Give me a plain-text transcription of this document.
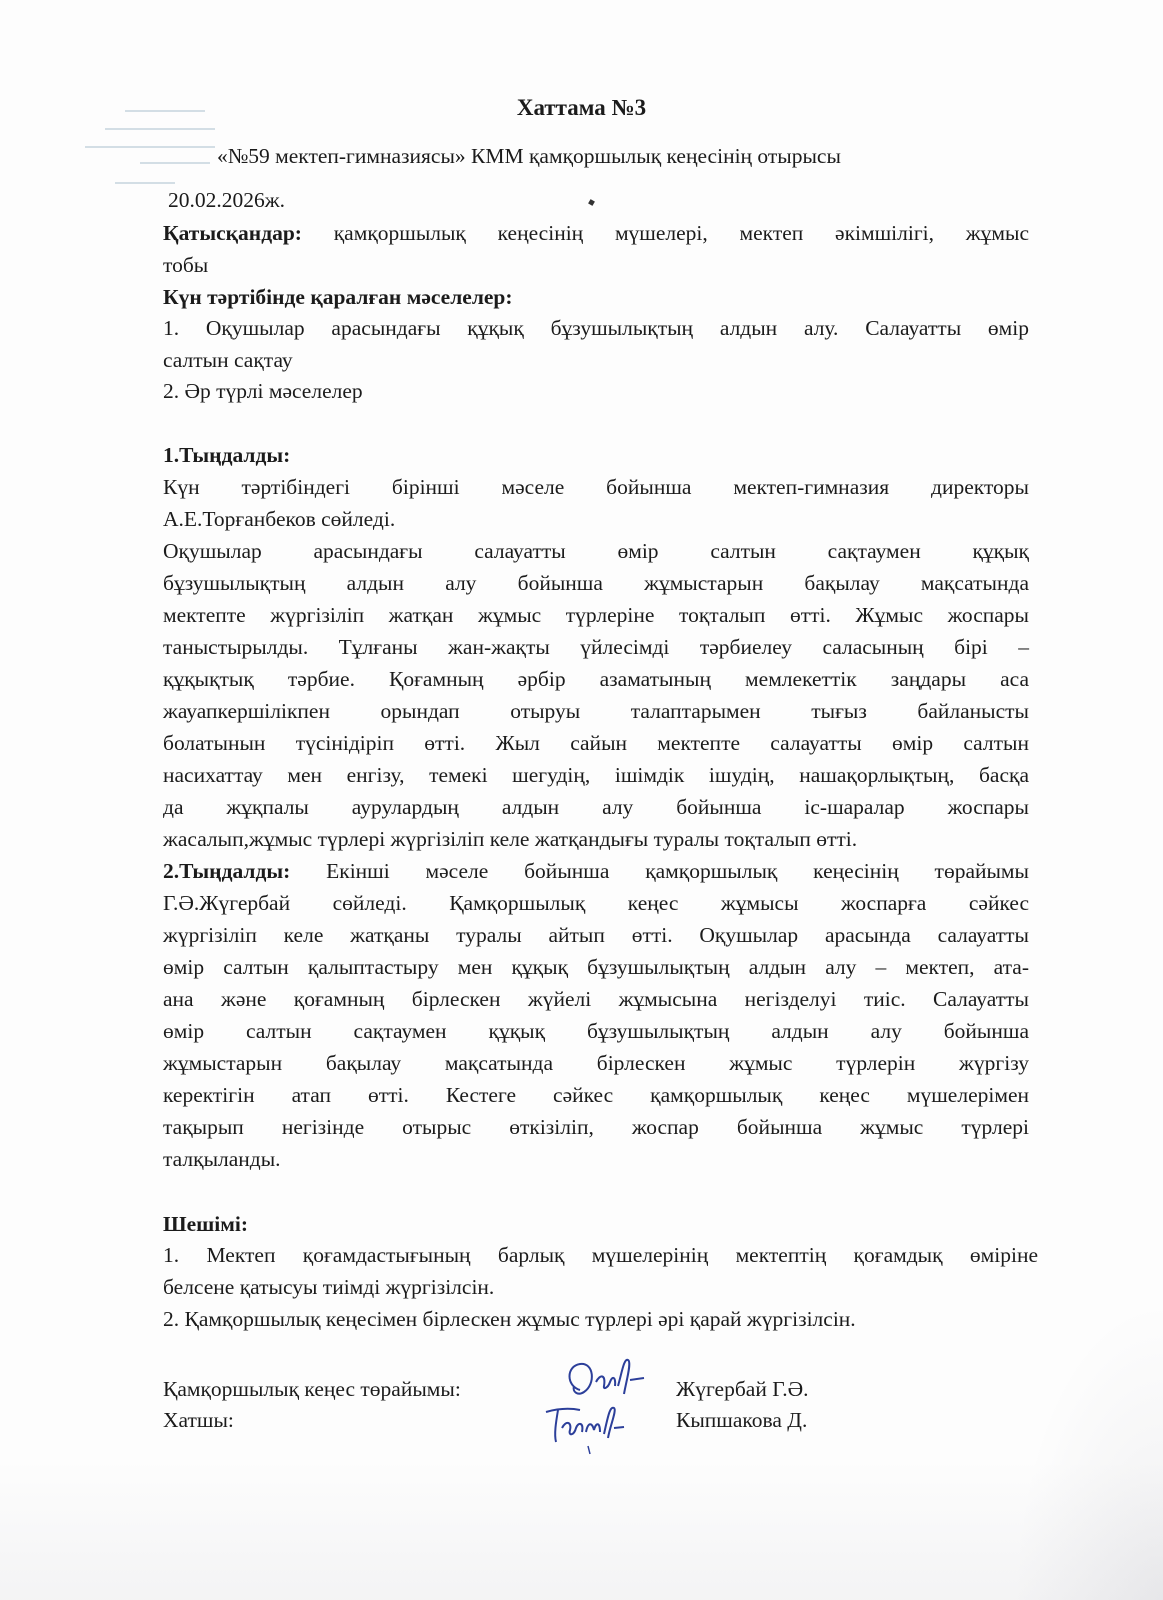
Хаттама №3
«№59 мектеп-гимназиясы» КММ қамқоршылық кеңесінің отырысы
20.02.2026ж.
Қатысқандар: қамқоршылық кеңесінің мүшелері, мектеп әкімшілігі, жұмыс
тобы
Күн тәртібінде қаралған мәселелер:
1. Оқушылар арасындағы құқық бұзушылықтың алдын алу. Салауатты өмір
салтын сақтау
2. Әр түрлі мәселелер
1.Тыңдалды:
Күн тәртібіндегі бірінші мәселе бойынша мектеп-гимназия директоры
А.Е.Торғанбеков сөйледі.
Оқушылар арасындағы салауатты өмір салтын сақтаумен құқық
бұзушылықтың алдын алу бойынша жұмыстарын бақылау мақсатында
мектепте жүргізіліп жатқан жұмыс түрлеріне тоқталып өтті. Жұмыс жоспары
таныстырылды. Тұлғаны жан-жақты үйлесімді тәрбиелеу саласының бірі –
құқықтық тәрбие. Қоғамның әрбір азаматының мемлекеттік заңдары аса
жауапкершілікпен орындап отыруы талаптарымен тығыз байланысты
болатынын түсінідіріп өтті. Жыл сайын мектепте салауатты өмір салтын
насихаттау мен енгізу, темекі шегудің, ішімдік ішудің, нашақорлықтың, басқа
да жұқпалы аурулардың алдын алу бойынша іс-шаралар жоспары
жасалып,жұмыс түрлері жүргізіліп келе жатқандығы туралы тоқталып өтті.
2.Тыңдалды: Екінші мәселе бойынша қамқоршылық кеңесінің төрайымы
Г.Ә.Жүгербай сөйледі. Қамқоршылық кеңес жұмысы жоспарға сәйкес
жүргізіліп келе жатқаны туралы айтып өтті. Оқушылар арасында салауатты
өмір салтын қалыптастыру мен құқық бұзушылықтың алдын алу – мектеп, ата-
ана және қоғамның бірлескен жүйелі жұмысына негізделуі тиіс. Салауатты
өмір салтын сақтаумен құқық бұзушылықтың алдын алу бойынша
жұмыстарын бақылау мақсатында бірлескен жұмыс түрлерін жүргізу
керектігін атап өтті. Кестеге сәйкес қамқоршылық кеңес мүшелерімен
тақырып негізінде отырыс өткізіліп, жоспар бойынша жұмыс түрлері
талқыланды.
Шешімі:
1. Мектеп қоғамдастығының барлық мүшелерінің мектептің қоғамдық өміріне
белсене қатысуы тиімді жүргізілсін.
2. Қамқоршылық кеңесімен бірлескен жұмыс түрлері әрі қарай жүргізілсін.
Қамқоршылық кеңес төрайымы:	Жүгербай Г.Ә.
Хатшы:	Кыпшакова Д.
